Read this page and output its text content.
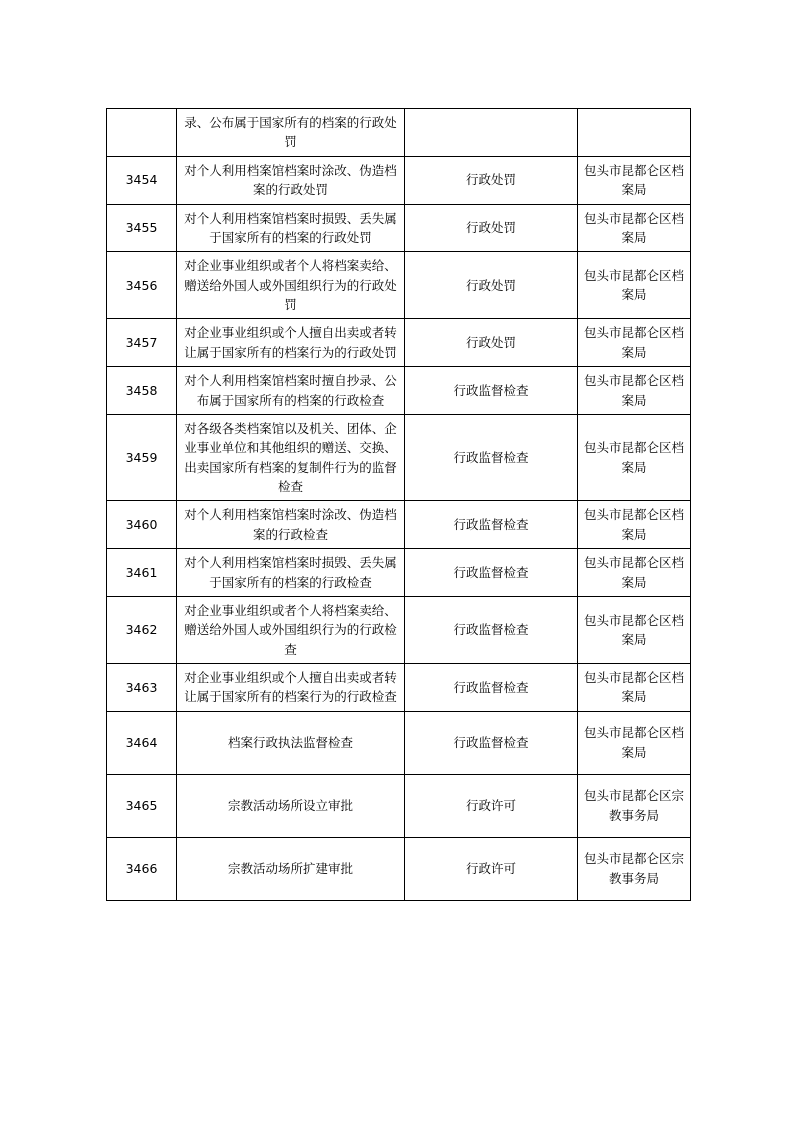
	录、公布属于国家所有的档案的行政处罚		
3454	对个人利用档案馆档案时涂改、伪造档案的行政处罚	行政处罚	包头市昆都仑区档案局
3455	对个人利用档案馆档案时损毁、丢失属于国家所有的档案的行政处罚	行政处罚	包头市昆都仑区档案局
3456	对企业事业组织或者个人将档案卖给、赠送给外国人或外国组织行为的行政处罚	行政处罚	包头市昆都仑区档案局
3457	对企业事业组织或个人擅自出卖或者转让属于国家所有的档案行为的行政处罚	行政处罚	包头市昆都仑区档案局
3458	对个人利用档案馆档案时擅自抄录、公布属于国家所有的档案的行政检查	行政监督检查	包头市昆都仑区档案局
3459	对各级各类档案馆以及机关、团体、企业事业单位和其他组织的赠送、交换、出卖国家所有档案的复制件行为的监督检查	行政监督检查	包头市昆都仑区档案局
3460	对个人利用档案馆档案时涂改、伪造档案的行政检查	行政监督检查	包头市昆都仑区档案局
3461	对个人利用档案馆档案时损毁、丢失属于国家所有的档案的行政检查	行政监督检查	包头市昆都仑区档案局
3462	对企业事业组织或者个人将档案卖给、赠送给外国人或外国组织行为的行政检查	行政监督检查	包头市昆都仑区档案局
3463	对企业事业组织或个人擅自出卖或者转让属于国家所有的档案行为的行政检查	行政监督检查	包头市昆都仑区档案局
3464	档案行政执法监督检查	行政监督检查	包头市昆都仑区档案局
3465	宗教活动场所设立审批	行政许可	包头市昆都仑区宗教事务局
3466	宗教活动场所扩建审批	行政许可	包头市昆都仑区宗教事务局
